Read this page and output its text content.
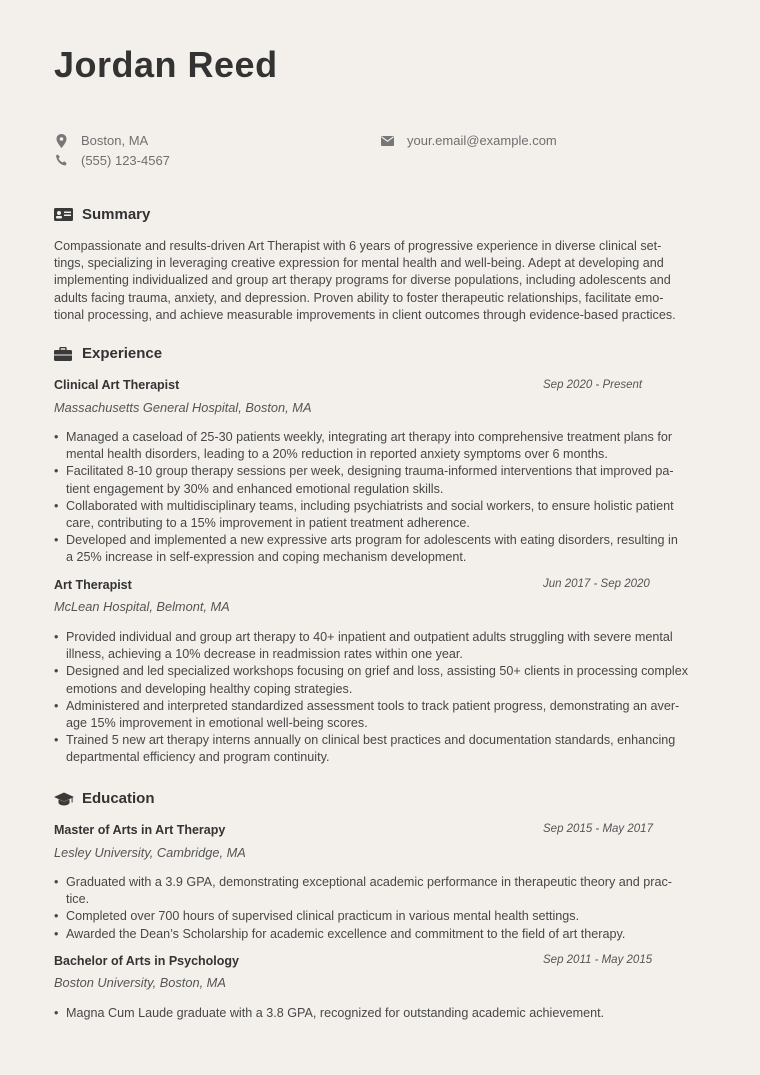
Jordan Reed
Boston, MA
(555) 123-4567
your.email@example.com
Summary
Compassionate and results-driven Art Therapist with 6 years of progressive experience in diverse clinical set-
tings, specializing in leveraging creative expression for mental health and well-being. Adept at developing and
implementing individualized and group art therapy programs for diverse populations, including adolescents and
adults facing trauma, anxiety, and depression. Proven ability to foster therapeutic relationships, facilitate emo-
tional processing, and achieve measurable improvements in client outcomes through evidence-based practices.
Experience
Clinical Art Therapist	Sep 2020 - Present
Massachusetts General Hospital, Boston, MA
• Managed a caseload of 25-30 patients weekly, integrating art therapy into comprehensive treatment plans for
mental health disorders, leading to a 20% reduction in reported anxiety symptoms over 6 months.
• Facilitated 8-10 group therapy sessions per week, designing trauma-informed interventions that improved pa-
tient engagement by 30% and enhanced emotional regulation skills.
• Collaborated with multidisciplinary teams, including psychiatrists and social workers, to ensure holistic patient
care, contributing to a 15% improvement in patient treatment adherence.
• Developed and implemented a new expressive arts program for adolescents with eating disorders, resulting in
a 25% increase in self-expression and coping mechanism development.
Art Therapist	Jun 2017 - Sep 2020
McLean Hospital, Belmont, MA
• Provided individual and group art therapy to 40+ inpatient and outpatient adults struggling with severe mental
illness, achieving a 10% decrease in readmission rates within one year.
• Designed and led specialized workshops focusing on grief and loss, assisting 50+ clients in processing complex
emotions and developing healthy coping strategies.
• Administered and interpreted standardized assessment tools to track patient progress, demonstrating an aver-
age 15% improvement in emotional well-being scores.
• Trained 5 new art therapy interns annually on clinical best practices and documentation standards, enhancing
departmental efficiency and program continuity.
Education
Master of Arts in Art Therapy	Sep 2015 - May 2017
Lesley University, Cambridge, MA
• Graduated with a 3.9 GPA, demonstrating exceptional academic performance in therapeutic theory and prac-
tice.
• Completed over 700 hours of supervised clinical practicum in various mental health settings.
• Awarded the Dean’s Scholarship for academic excellence and commitment to the field of art therapy.
Bachelor of Arts in Psychology	Sep 2011 - May 2015
Boston University, Boston, MA
• Magna Cum Laude graduate with a 3.8 GPA, recognized for outstanding academic achievement.
